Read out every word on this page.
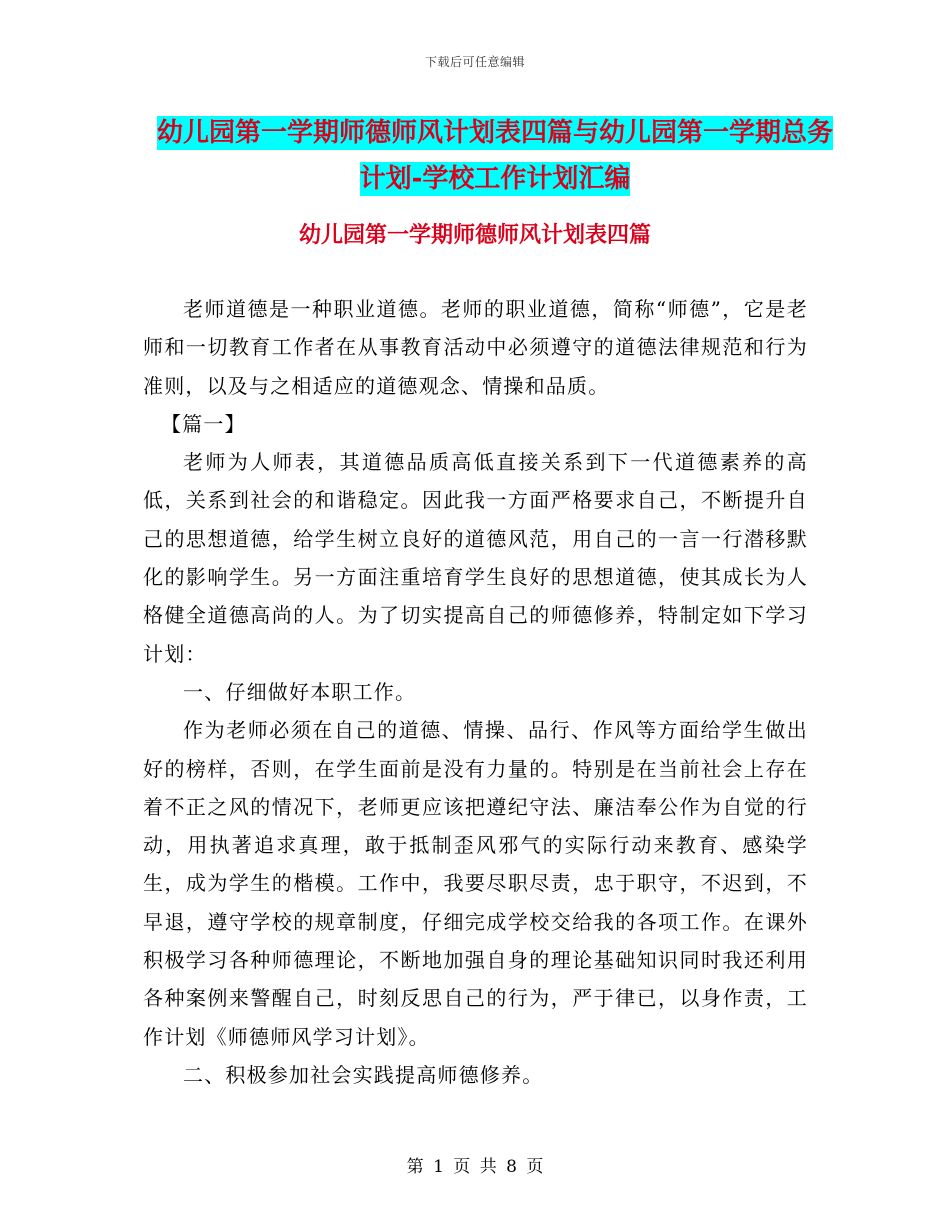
下载后可任意编辑
幼儿园第一学期师德师风计划表四篇与幼儿园第一学期总务计划-学校工作计划汇编
幼儿园第一学期师德师风计划表四篇

老师道德是一种职业道德。老师的职业道德，简称“师德”，它是老师和一切教育工作者在从事教育活动中必须遵守的道德法律规范和行为准则，以及与之相适应的道德观念、情操和品质。

【篇一】

老师为人师表，其道德品质高低直接关系到下一代道德素养的高低，关系到社会的和谐稳定。因此我一方面严格要求自己，不断提升自己的思想道德，给学生树立良好的道德风范，用自己的一言一行潜移默化的影响学生。另一方面注重培育学生良好的思想道德，使其成长为人格健全道德高尚的人。为了切实提高自己的师德修养，特制定如下学习计划：

一、仔细做好本职工作。

作为老师必须在自己的道德、情操、品行、作风等方面给学生做出好的榜样，否则，在学生面前是没有力量的。特别是在当前社会上存在着不正之风的情况下，老师更应该把遵纪守法、廉洁奉公作为自觉的行动，用执著追求真理，敢于抵制歪风邪气的实际行动来教育、感染学生，成为学生的楷模。工作中，我要尽职尽责，忠于职守，不迟到，不早退，遵守学校的规章制度，仔细完成学校交给我的各项工作。在课外积极学习各种师德理论，不断地加强自身的理论基础知识同时我还利用各种案例来警醒自己，时刻反思自己的行为，严于律已，以身作责，工作计划《师德师风学习计划》。

二、积极参加社会实践提高师德修养。

第 1 页 共 8 页
